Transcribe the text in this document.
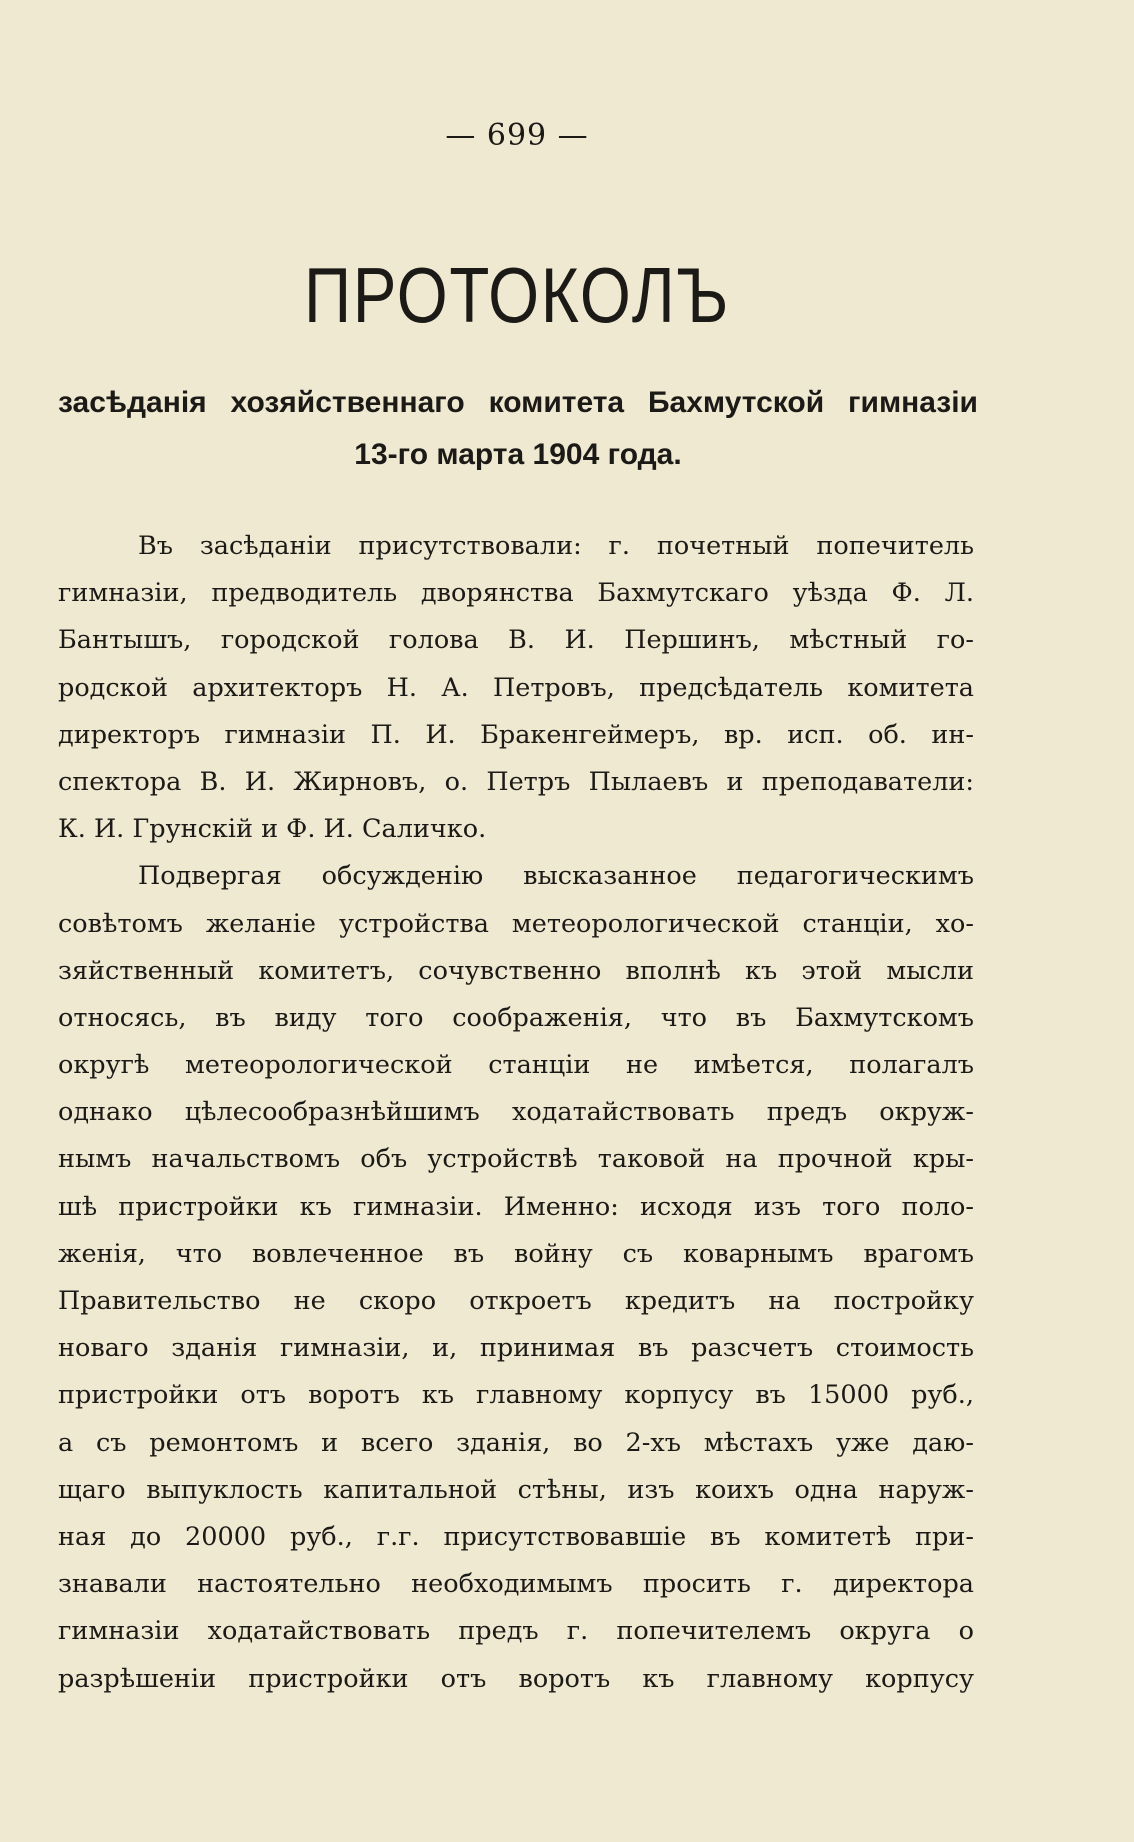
— 699 —
ПРОТОКОЛЪ
засѣданія хозяйственнаго комитета Бахмутской гимназіи
13-го марта 1904 года.
Въ засѣданіи присутствовали: г. почетный попечитель
гимназіи, предводитель дворянства Бахмутскаго уѣзда Ф. Л.
Бантышъ, городской голова В. И. Першинъ, мѣстный го-
родской архитекторъ Н. А. Петровъ, предсѣдатель комитета
директоръ гимназіи П. И. Бракенгеймеръ, вр. исп. об. ин-
спектора В. И. Жирновъ, о. Петръ Пылаевъ и преподаватели:
К. И. Грунскій и Ф. И. Саличко.
Подвергая обсужденію высказанное педагогическимъ
совѣтомъ желаніе устройства метеорологической станціи, хо-
зяйственный комитетъ, сочувственно вполнѣ къ этой мысли
относясь, въ виду того соображенія, что въ Бахмутскомъ
округѣ метеорологической станціи не имѣется, полагалъ
однако цѣлесообразнѣйшимъ ходатайствовать предъ окруж-
нымъ начальствомъ объ устройствѣ таковой на прочной кры-
шѣ пристройки къ гимназіи. Именно: исходя изъ того поло-
женія, что вовлеченное въ войну съ коварнымъ врагомъ
Правительство не скоро откроетъ кредитъ на постройку
новаго зданія гимназіи, и, принимая въ разсчетъ стоимость
пристройки отъ воротъ къ главному корпусу въ 15000 руб.,
а съ ремонтомъ и всего зданія, во 2-хъ мѣстахъ уже даю-
щаго выпуклость капитальной стѣны, изъ коихъ одна наруж-
ная до 20000 руб., г.г. присутствовавшіе въ комитетѣ при-
знавали настоятельно необходимымъ просить г. директора
гимназіи ходатайствовать предъ г. попечителемъ округа о
разрѣшеніи пристройки отъ воротъ къ главному корпусу
